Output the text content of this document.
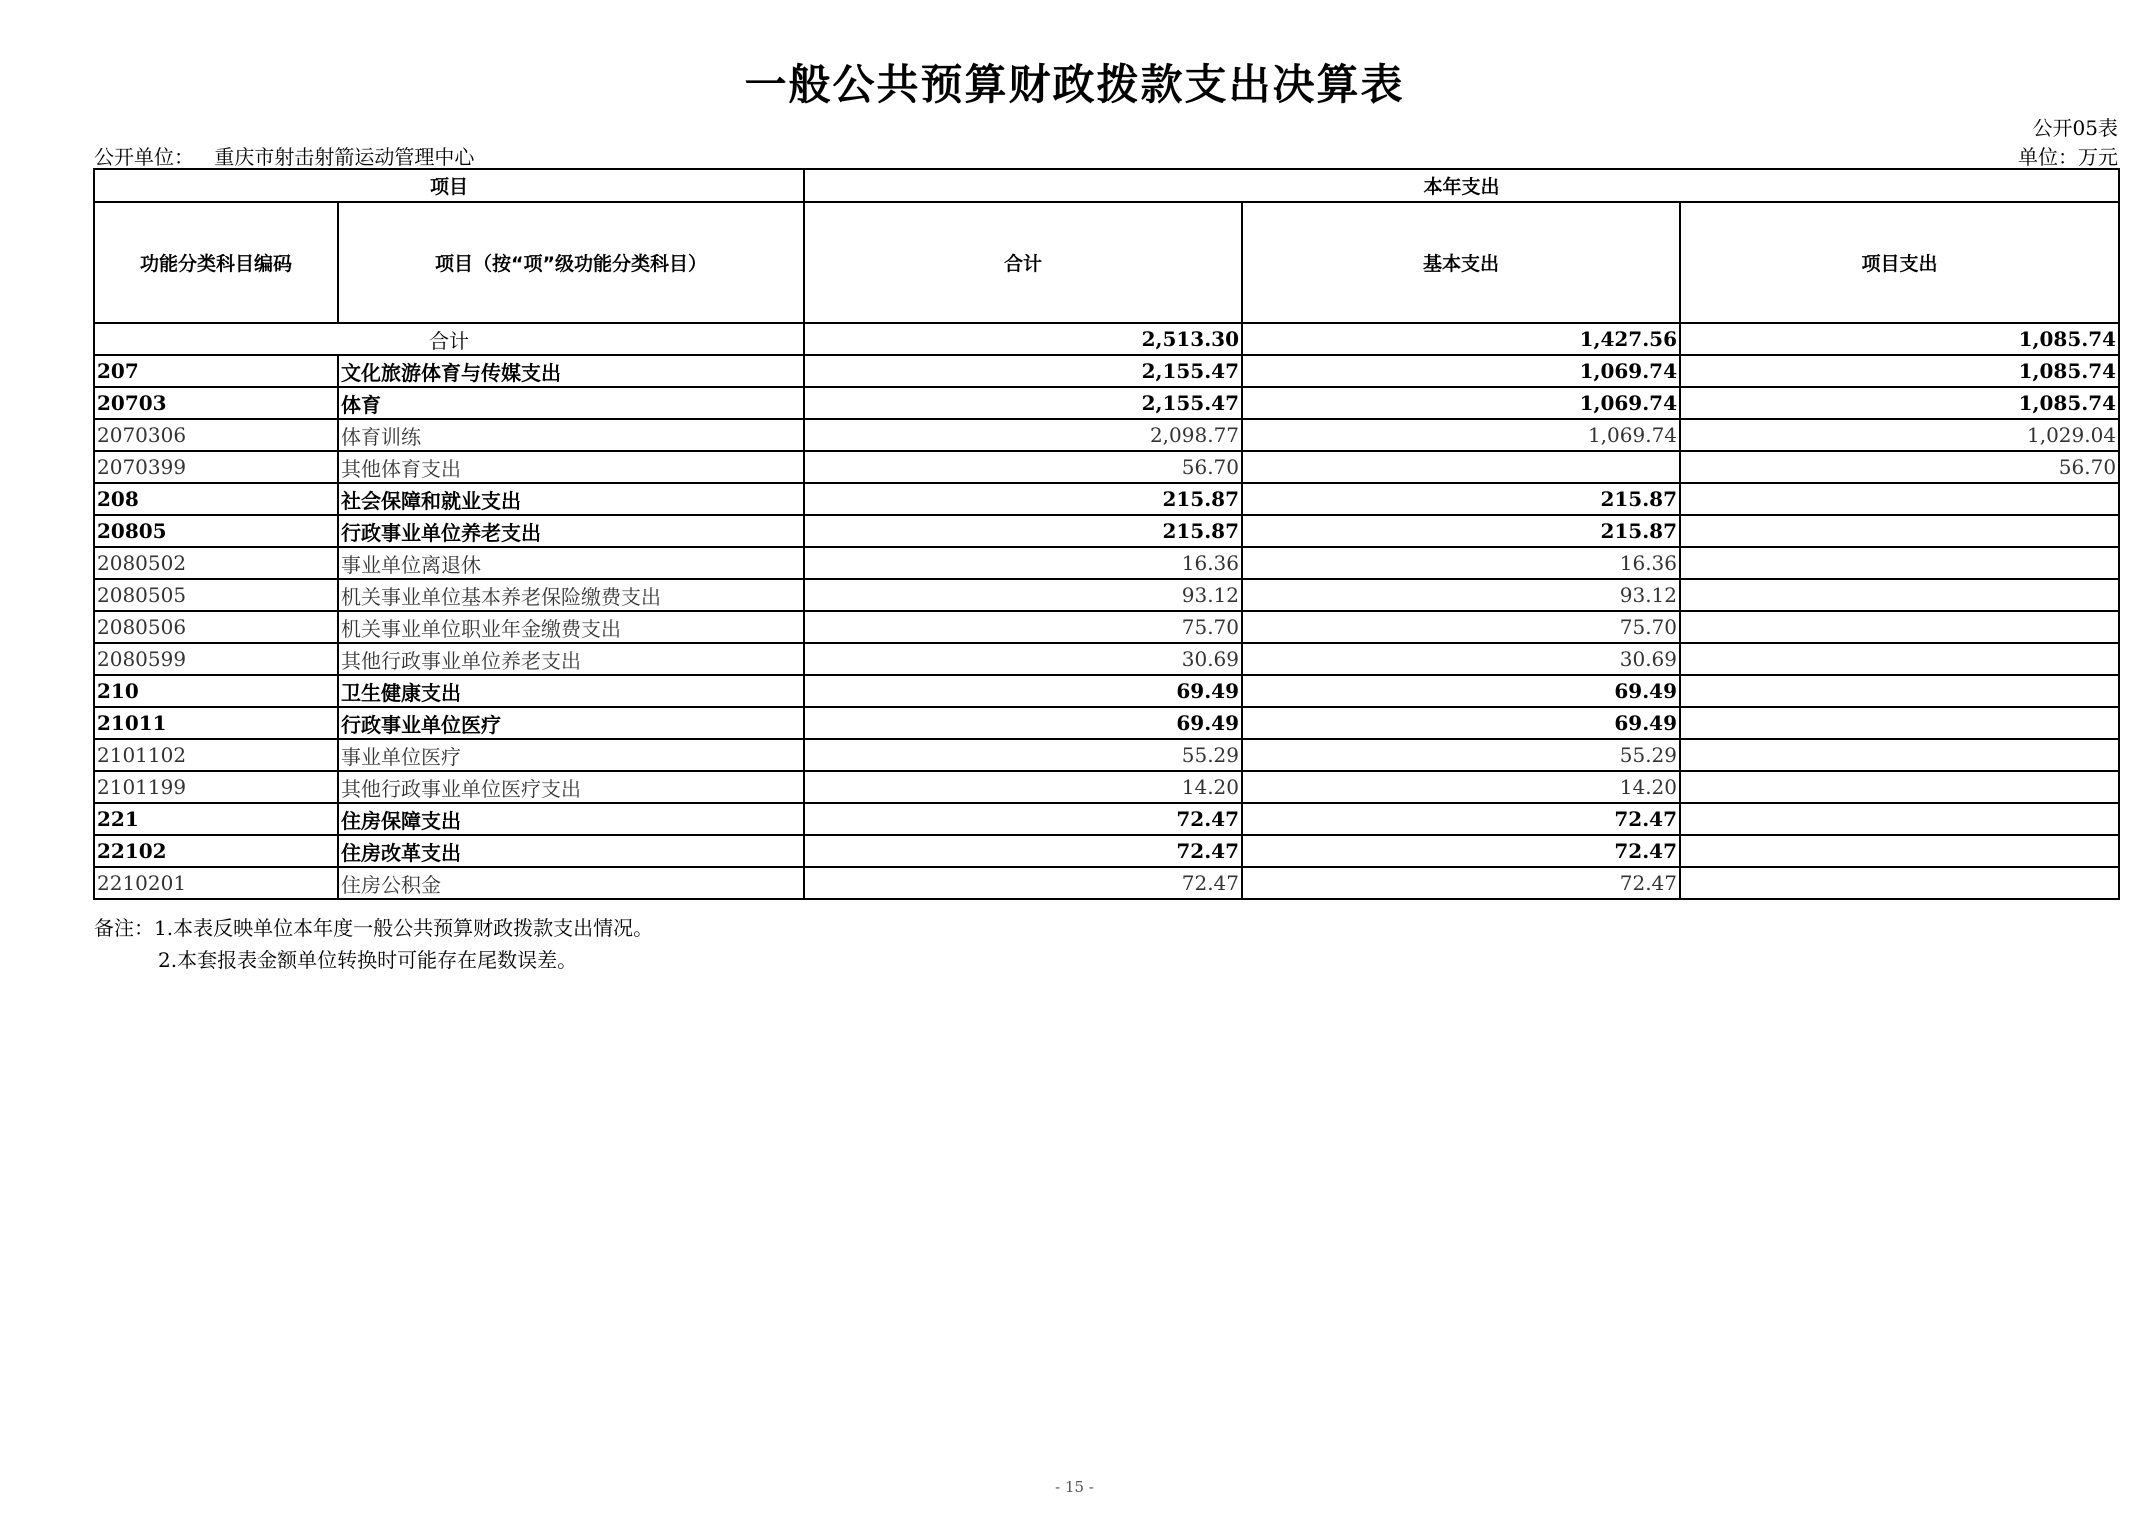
一般公共预算财政拨款支出决算表
公开05表
公开单位： 重庆市射击射箭运动管理中心	单位：万元
项目		本年支出		
功能分类科目编码	项目（按“项”级功能分类科目）	合计	基本支出	项目支出
合计		2,513.30	1,427.56	1,085.74
207	文化旅游体育与传媒支出	2,155.47	1,069.74	1,085.74
20703	体育	2,155.47	1,069.74	1,085.74
2070306	体育训练	2,098.77	1,069.74	1,029.04
2070399	其他体育支出	56.70		56.70
208	社会保障和就业支出	215.87	215.87	
20805	行政事业单位养老支出	215.87	215.87	
2080502	事业单位离退休	16.36	16.36	
2080505	机关事业单位基本养老保险缴费支出	93.12	93.12	
2080506	机关事业单位职业年金缴费支出	75.70	75.70	
2080599	其他行政事业单位养老支出	30.69	30.69	
210	卫生健康支出	69.49	69.49	
21011	行政事业单位医疗	69.49	69.49	
2101102	事业单位医疗	55.29	55.29	
2101199	其他行政事业单位医疗支出	14.20	14.20	
221	住房保障支出	72.47	72.47	
22102	住房改革支出	72.47	72.47	
2210201	住房公积金	72.47	72.47	
备注：1.本表反映单位本年度一般公共预算财政拨款支出情况。
2.本套报表金额单位转换时可能存在尾数误差。
- 15 -
